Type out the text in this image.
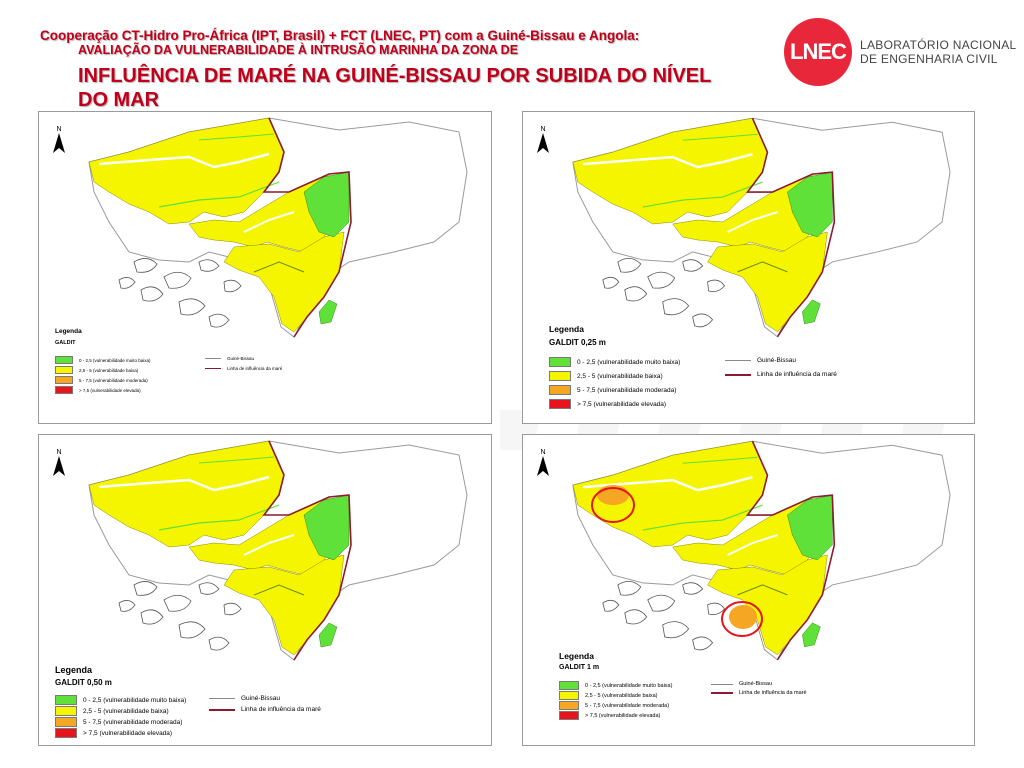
Cooperação CT-Hidro Pro-África (IPT, Brasil) + FCT (LNEC, PT) com a Guiné-Bissau e Angola:
AVALIAÇÃO DA VULNERABILIDADE À INTRUSÃO MARINHA DA ZONA DE
INFLUÊNCIA DE MARÉ NA GUINÉ-BISSAU POR SUBIDA DO NÍVEL DO MAR
LNEC	LABORATÓRIO NACIONAL
DE ENGENHARIA CIVIL
N
Legenda
GALDIT
0 - 2,5 (vulnerabilidade muito baixa)
2,5 - 5 (vulnerabilidade baixa)
5 - 7,5 (vulnerabilidade moderada)
> 7,5 (vulnerabilidade elevada)
Guiné-Bissau
Linha de influência da maré
N
Legenda
GALDIT 0,25 m
0 - 2,5 (vulnerabilidade muito baixa)
2,5 - 5 (vulnerabilidade baixa)
5 - 7,5 (vulnerabilidade moderada)
> 7,5 (vulnerabilidade elevada)
Guiné-Bissau
Linha de influência da maré
N
Legenda
GALDIT 0,50 m
0 - 2,5 (vulnerabilidade muito baixa)
2,5 - 5 (vulnerabilidade baixa)
5 - 7,5 (vulnerabilidade moderada)
> 7,5 (vulnerabilidade elevada)
Guiné-Bissau
Linha de influência da maré
N
Legenda
GALDIT 1 m
0 - 2,5 (vulnerabilidade muito baixa)
2,5 - 5 (vulnerabilidade baixa)
5 - 7,5 (vulnerabilidade moderada)
> 7,5 (vulnerabilidade elevada)
Guiné-Bissau
Linha de influência da maré
